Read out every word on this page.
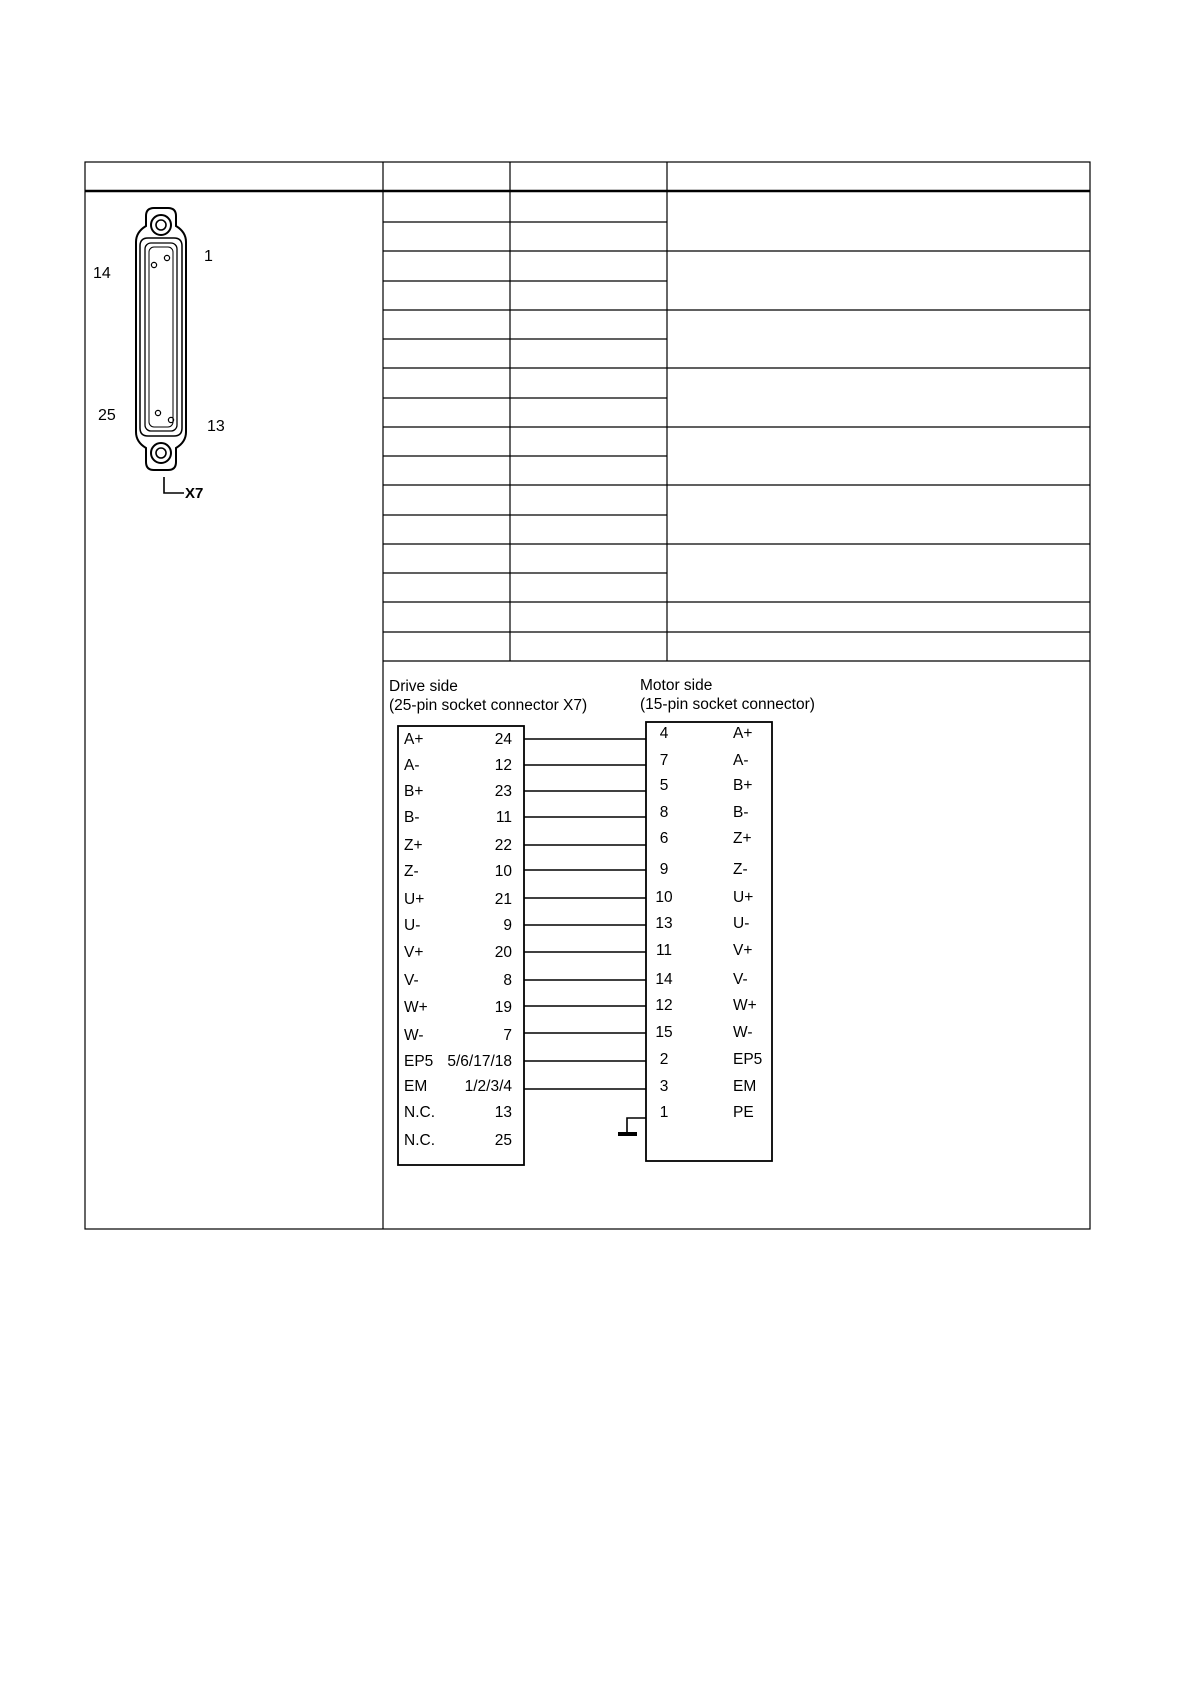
1
14
25
13
X7
Drive side
(25-pin socket connector X7)
Motor side
(15-pin socket connector)
A+	24
A-	12
B+	23
B-	11
Z+	22
Z-	10
U+	21
U-	9
V+	20
V-	8
W+	19
W-	7
EP5 5/6/17/18
EM 1/2/3/4
N.C.	13
N.C.	25
4	A+
7	A-
5	B+
8	B-
6	Z+
9	Z-
10	U+
13	U-
11	V+
14	V-
12	W+
15	W-
2	EP5
3	EM
1	PE
